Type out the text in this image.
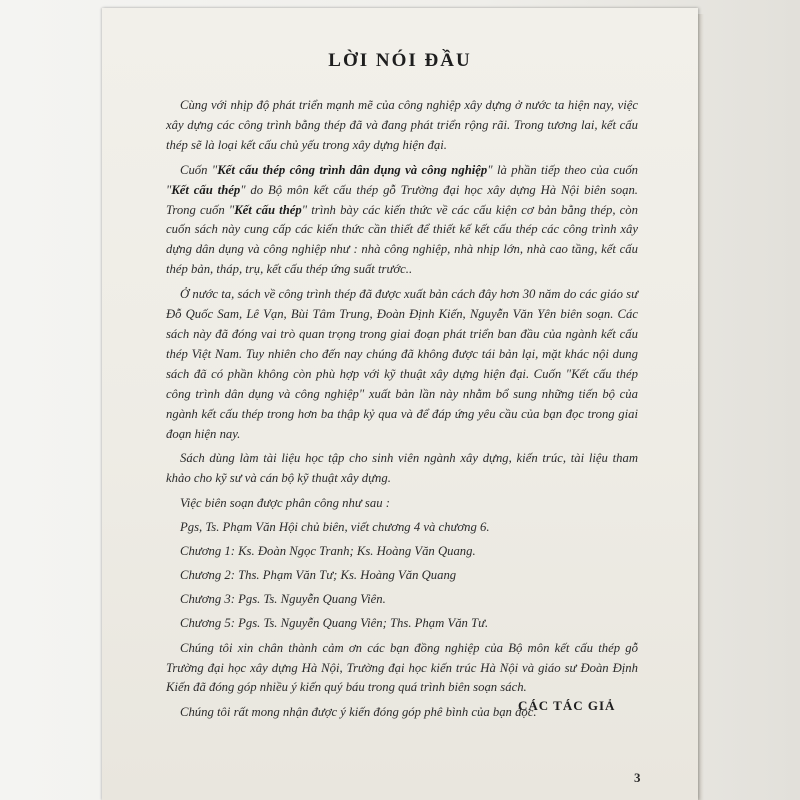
LỜI NÓI ĐẦU

Cùng với nhịp độ phát triển mạnh mẽ của công nghiệp xây dựng ở nước ta hiện nay, việc xây dựng các công trình bằng thép đã và đang phát triển rộng rãi. Trong tương lai, kết cấu thép sẽ là loại kết cấu chủ yếu trong xây dựng hiện đại.

Cuốn "Kết cấu thép công trình dân dụng và công nghiệp" là phần tiếp theo của cuốn "Kết cấu thép" do Bộ môn kết cấu thép gỗ Trường đại học xây dựng Hà Nội biên soạn. Trong cuốn "Kết cấu thép" trình bày các kiến thức về các cấu kiện cơ bản bằng thép, còn cuốn sách này cung cấp các kiến thức cần thiết để thiết kế kết cấu thép các công trình xây dựng dân dụng và công nghiệp như : nhà công nghiệp, nhà nhịp lớn, nhà cao tầng, kết cấu thép bản, tháp, trụ, kết cấu thép ứng suất trước..

Ở nước ta, sách về công trình thép đã được xuất bản cách đây hơn 30 năm do các giáo sư Đỗ Quốc Sam, Lê Vạn, Bùi Tâm Trung, Đoàn Định Kiến, Nguyễn Văn Yên biên soạn. Các sách này đã đóng vai trò quan trọng trong giai đoạn phát triển ban đầu của ngành kết cấu thép Việt Nam. Tuy nhiên cho đến nay chúng đã không được tái bản lại, mặt khác nội dung sách đã có phần không còn phù hợp với kỹ thuật xây dựng hiện đại. Cuốn "Kết cấu thép công trình dân dụng và công nghiệp" xuất bản lần này nhằm bổ sung những tiến bộ của ngành kết cấu thép trong hơn ba thập kỷ qua và để đáp ứng yêu cầu của bạn đọc trong giai đoạn hiện nay.

Sách dùng làm tài liệu học tập cho sinh viên ngành xây dựng, kiến trúc, tài liệu tham khảo cho kỹ sư và cán bộ kỹ thuật xây dựng.

Việc biên soạn được phân công như sau :

Pgs, Ts. Phạm Văn Hội chủ biên, viết chương 4 và chương 6.

Chương 1: Ks. Đoàn Ngọc Tranh; Ks. Hoàng Văn Quang.

Chương 2: Ths. Phạm Văn Tư; Ks. Hoàng Văn Quang

Chương 3: Pgs. Ts. Nguyễn Quang Viên.

Chương 5: Pgs. Ts. Nguyễn Quang Viên; Ths. Phạm Văn Tư.

Chúng tôi xin chân thành cảm ơn các bạn đồng nghiệp của Bộ môn kết cấu thép gỗ Trường đại học xây dựng Hà Nội, Trường đại học kiến trúc Hà Nội và giáo sư Đoàn Định Kiến đã đóng góp nhiều ý kiến quý báu trong quá trình biên soạn sách.

Chúng tôi rất mong nhận được ý kiến đóng góp phê bình của bạn đọc.

CÁC TÁC GIẢ
3
